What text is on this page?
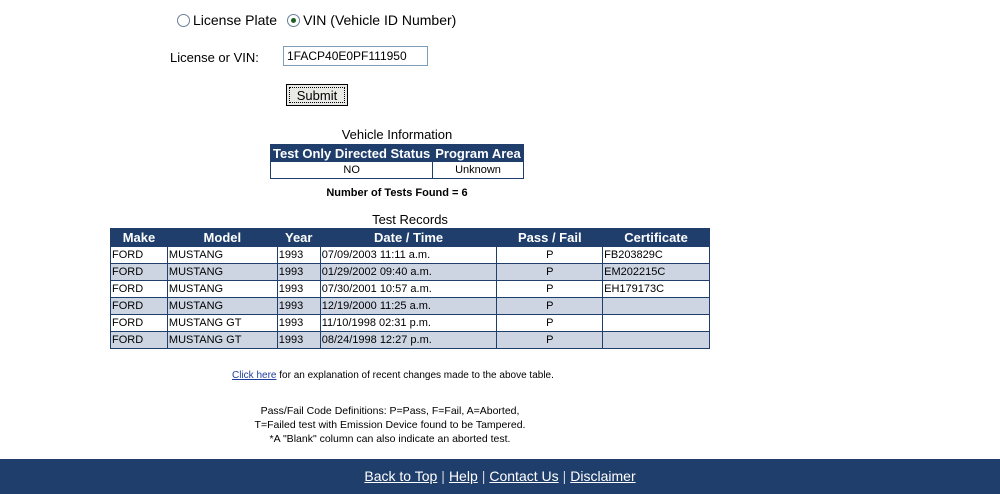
License Plate VIN (Vehicle ID Number)
License or VIN:
1FACP40E0PF111950
Submit
Vehicle Information
Test Only Directed Status	Program Area
NO	Unknown
Number of Tests Found = 6
Test Records
Make	Model	Year	Date / Time	Pass / Fail	Certificate
FORD	MUSTANG	1993	07/09/2003 11:11 a.m.	P	FB203829C
FORD	MUSTANG	1993	01/29/2002 09:40 a.m.	P	EM202215C
FORD	MUSTANG	1993	07/30/2001 10:57 a.m.	P	EH179173C
FORD	MUSTANG	1993	12/19/2000 11:25 a.m.	P	
FORD	MUSTANG GT	1993	11/10/1998 02:31 p.m.	P	
FORD	MUSTANG GT	1993	08/24/1998 12:27 p.m.	P	
Click here for an explanation of recent changes made to the above table.
Pass/Fail Code Definitions: P=Pass, F=Fail, A=Aborted,
T=Failed test with Emission Device found to be Tampered.
*A "Blank" column can also indicate an aborted test.
Back to Top | Help | Contact Us | Disclaimer
